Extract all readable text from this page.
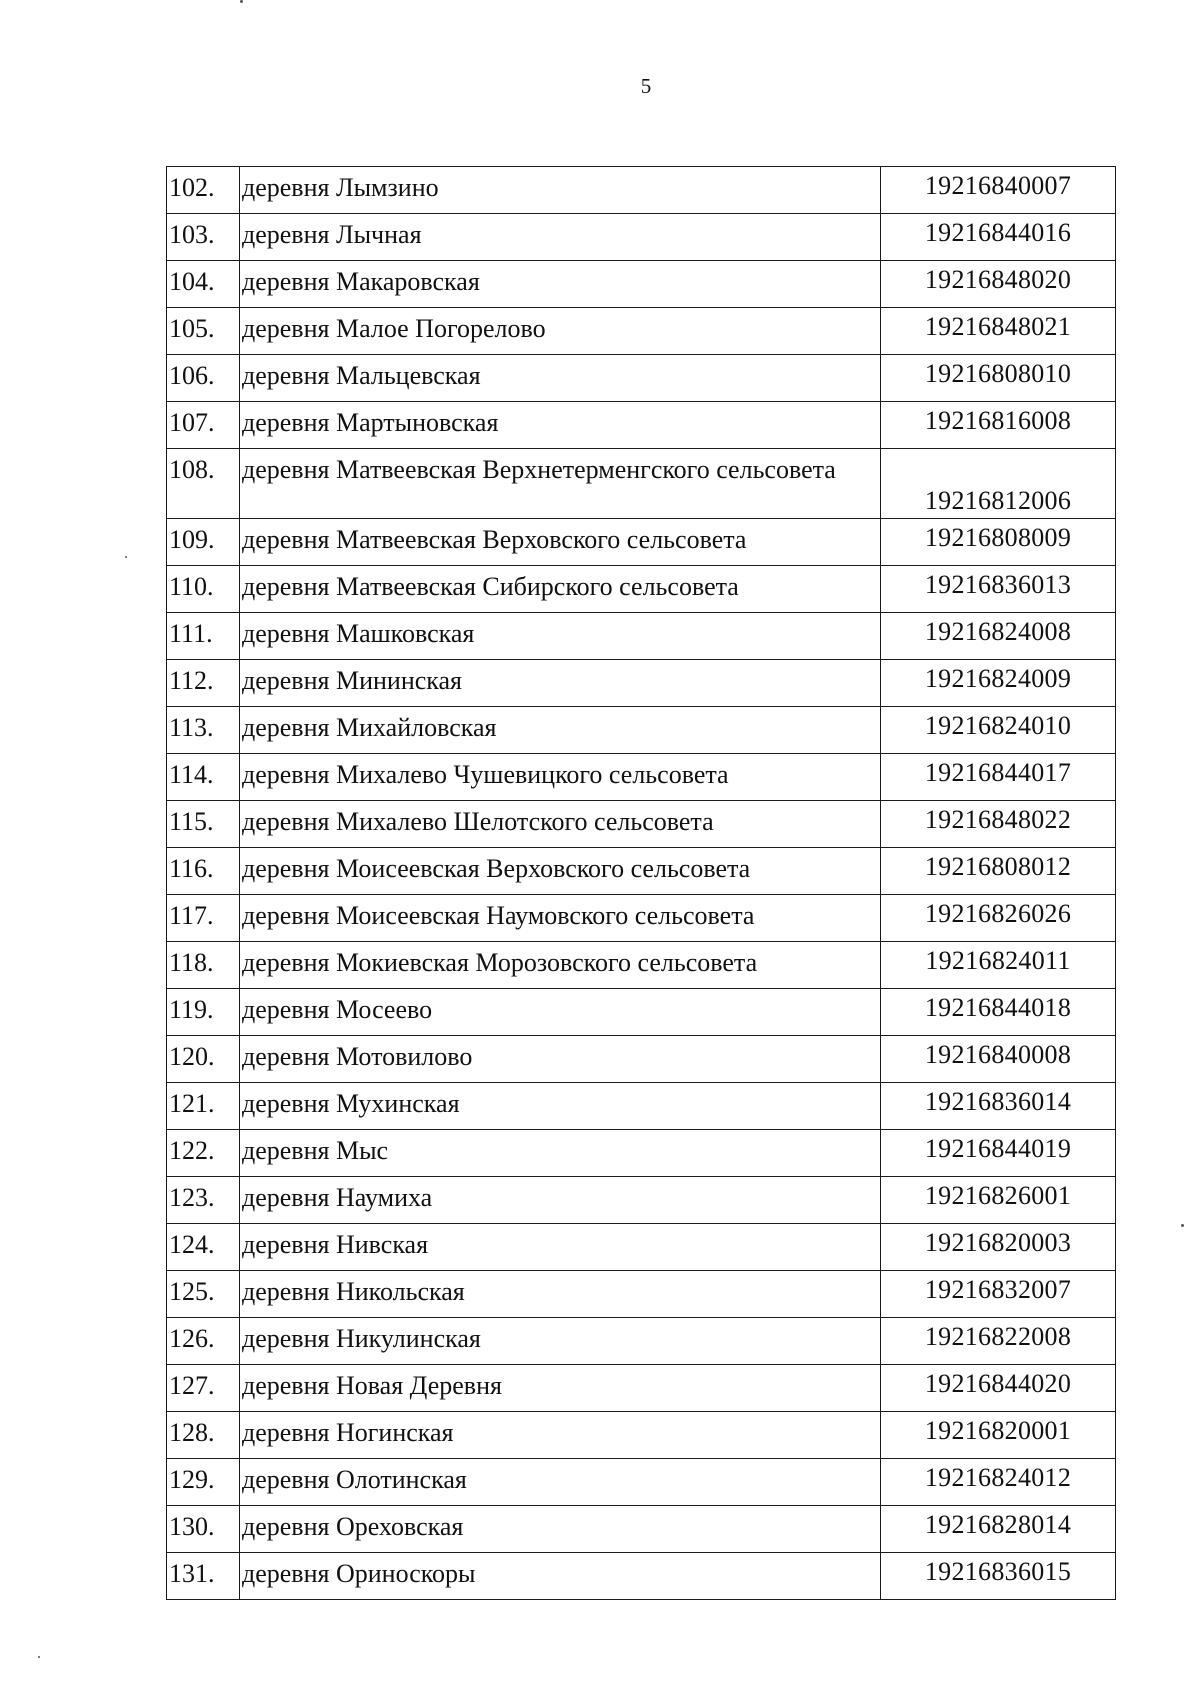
5
102.	деревня Лымзино	19216840007
103.	деревня Лычная	19216844016
104.	деревня Макаровская	19216848020
105.	деревня Малое Погорелово	19216848021
106.	деревня Мальцевская	19216808010
107.	деревня Мартыновская	19216816008
108.	деревня Матвеевская Верхнетерменгского сельсовета	19216812006
109.	деревня Матвеевская Верховского сельсовета	19216808009
110.	деревня Матвеевская Сибирского сельсовета	19216836013
111.	деревня Машковская	19216824008
112.	деревня Мининская	19216824009
113.	деревня Михайловская	19216824010
114.	деревня Михалево Чушевицкого сельсовета	19216844017
115.	деревня Михалево Шелотского сельсовета	19216848022
116.	деревня Моисеевская Верховского сельсовета	19216808012
117.	деревня Моисеевская Наумовского сельсовета	19216826026
118.	деревня Мокиевская Морозовского сельсовета	19216824011
119.	деревня Мосеево	19216844018
120.	деревня Мотовилово	19216840008
121.	деревня Мухинская	19216836014
122.	деревня Мыс	19216844019
123.	деревня Наумиха	19216826001
124.	деревня Нивская	19216820003
125.	деревня Никольская	19216832007
126.	деревня Никулинская	19216822008
127.	деревня Новая Деревня	19216844020
128.	деревня Ногинская	19216820001
129.	деревня Олотинская	19216824012
130.	деревня Ореховская	19216828014
131.	деревня Ориноскоры	19216836015
